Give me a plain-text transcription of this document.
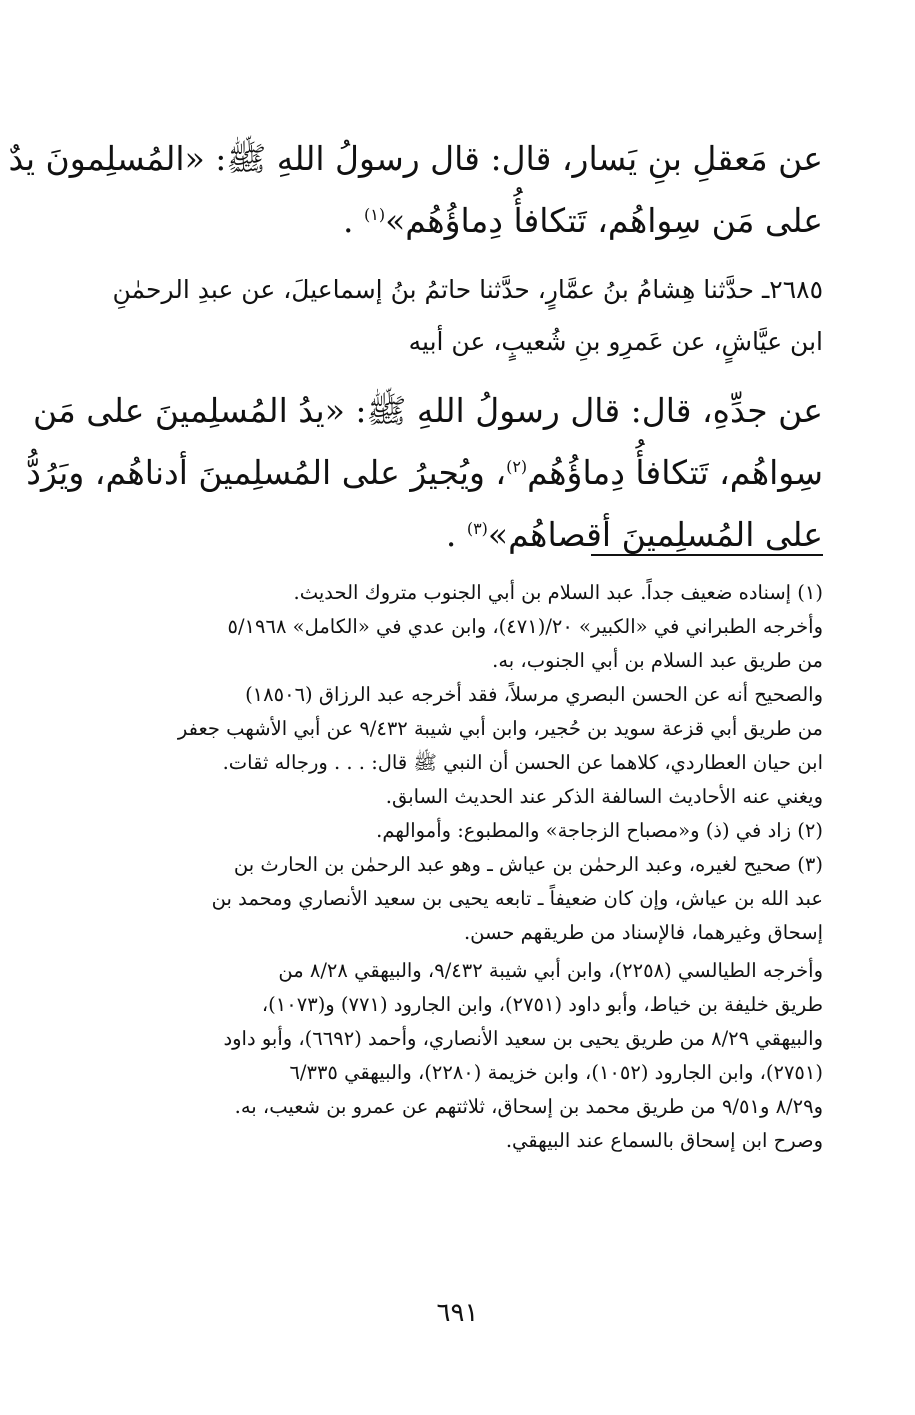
عن مَعقلِ بنِ يَسار، قال: قال رسولُ اللهِ ﷺ: «المُسلِمونَ يدٌ
على مَن سِواهُم، تَتكافأُ دِماؤُهُم»$^{(١)}$ .

٢٦٨٥ـ حدَّثنا هِشامُ بنُ عمَّارٍ، حدَّثنا حاتمُ بنُ إسماعيلَ، عن عبدِ الرحمٰنِ
ابن عيَّاشٍ، عن عَمرِو بنِ شُعيبٍ، عن أبيه

عن جدِّهِ، قال: قال رسولُ اللهِ ﷺ: «يدُ المُسلِمينَ على مَن
سِواهُم، تَتكافأُ دِماؤُهُم$^{(٢)}$، ويُجيرُ على المُسلِمينَ أدناهُم، ويَرُدُّ
على المُسلِمينَ أقصاهُم»$^{(٣)}$ .

(١) إسناده ضعيف جداً. عبد السلام بن أبي الجنوب متروك الحديث.
وأخرجه الطبراني في «الكبير» ٢٠/(٤٧١)، وابن عدي في «الكامل» ٥/١٩٦٨
من طريق عبد السلام بن أبي الجنوب، به.
والصحيح أنه عن الحسن البصري مرسلاً، فقد أخرجه عبد الرزاق (١٨٥٠٦)
من طريق أبي قزعة سويد بن حُجير، وابن أبي شيبة ٩/٤٣٢ عن أبي الأشهب جعفر
ابن حيان العطاردي، كلاهما عن الحسن أن النبي ﷺ قال: . . . ورجاله ثقات.
ويغني عنه الأحاديث السالفة الذكر عند الحديث السابق.
(٢) زاد في (ذ) و«مصباح الزجاجة» والمطبوع: وأموالهم.
(٣) صحيح لغيره، وعبد الرحمٰن بن عياش ـ وهو عبد الرحمٰن بن الحارث بن
عبد الله بن عياش، وإن كان ضعيفاً ـ تابعه يحيى بن سعيد الأنصاري ومحمد بن
إسحاق وغيرهما، فالإسناد من طريقهم حسن.
وأخرجه الطيالسي (٢٢٥٨)، وابن أبي شيبة ٩/٤٣٢، والبيهقي ٨/٢٨ من
طريق خليفة بن خياط، وأبو داود (٢٧٥١)، وابن الجارود (٧٧١) و(١٠٧٣)،
والبيهقي ٨/٢٩ من طريق يحيى بن سعيد الأنصاري، وأحمد (٦٦٩٢)، وأبو داود
(٢٧٥١)، وابن الجارود (١٠٥٢)، وابن خزيمة (٢٢٨٠)، والبيهقي ٦/٣٣٥
و٨/٢٩ و٩/٥١ من طريق محمد بن إسحاق، ثلاثتهم عن عمرو بن شعيب، به.
وصرح ابن إسحاق بالسماع عند البيهقي.
٦٩١
